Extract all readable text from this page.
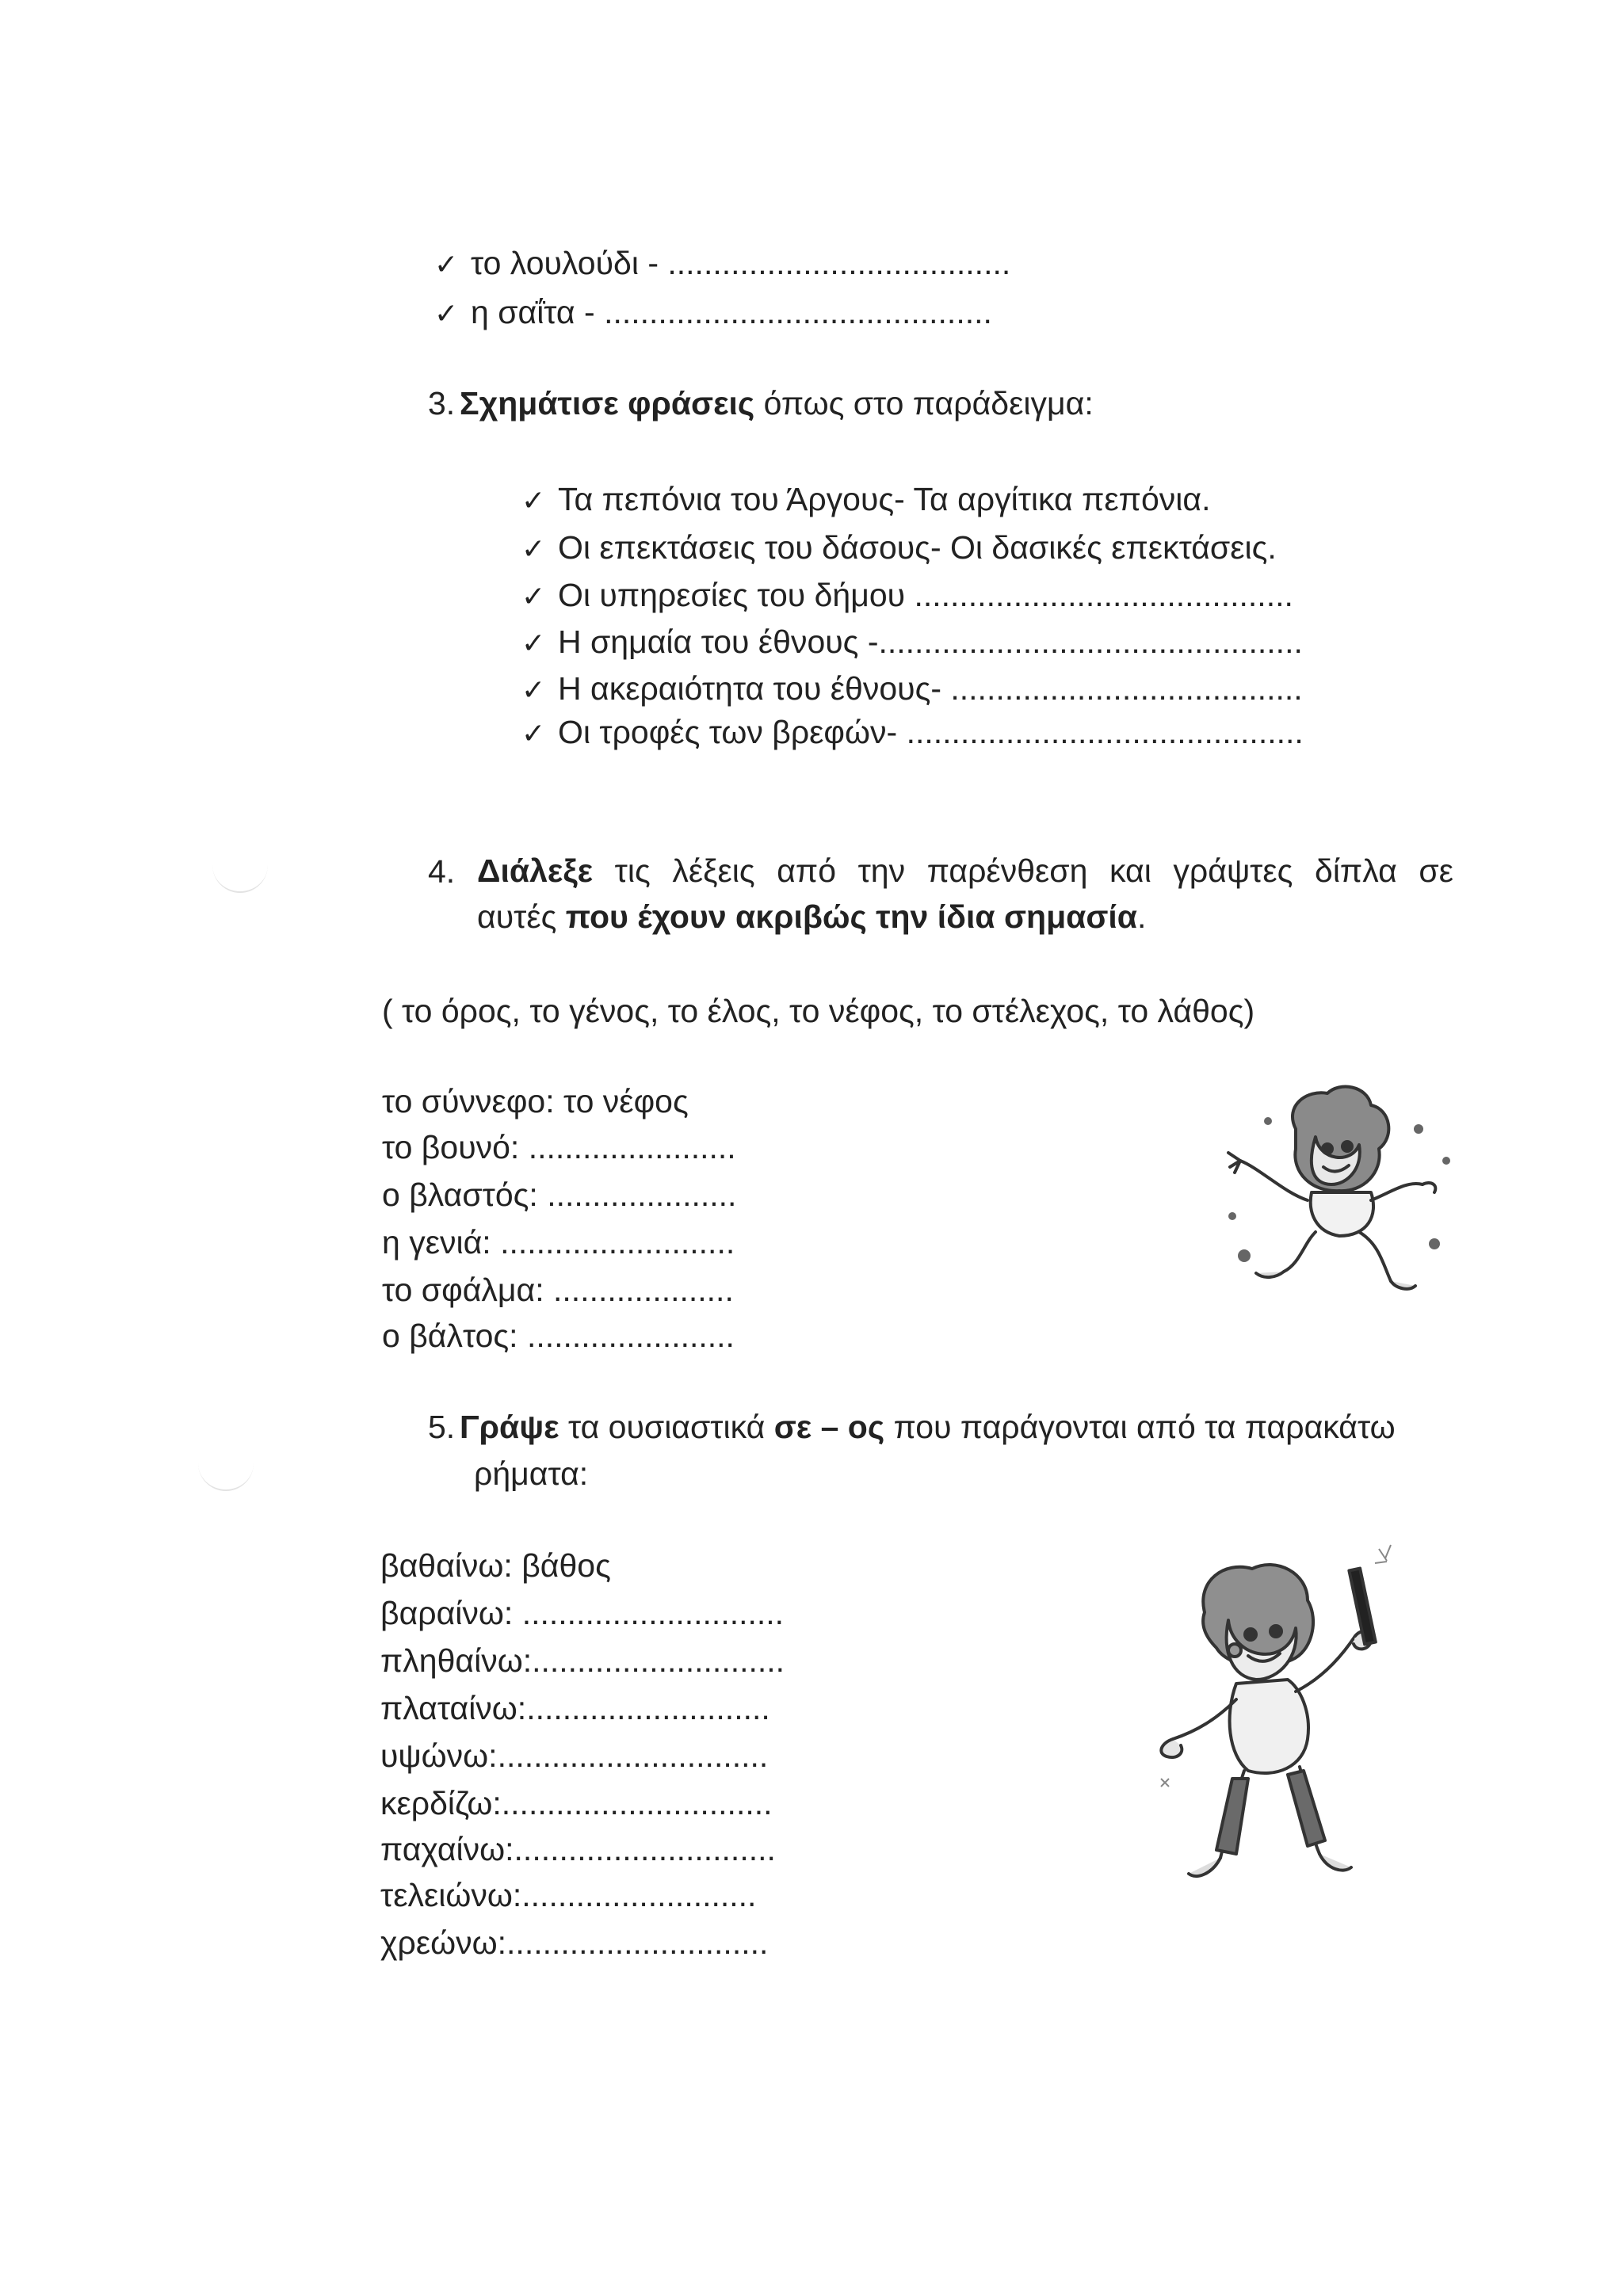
✓ το λουλούδι - ......................................
✓ η σαΐτα - ...........................................
3. Σχημάτισε φράσεις όπως στο παράδειγμα:
✓ Τα πεπόνια του Άργους- Τα αργίτικα πεπόνια.
✓ Οι επεκτάσεις του δάσους- Οι δασικές επεκτάσεις.
✓ Οι υπηρεσίες του δήμου ..........................................
✓ Η σημαία του έθνους -...............................................
✓ Η ακεραιότητα του έθνους- .......................................
✓ Οι τροφές των βρεφών- ............................................
4. Διάλεξε τις λέξεις από την παρένθεση και γράψτες δίπλα σε
αυτές που έχουν ακριβώς την ίδια σημασία.
( το όρος, το γένος, το έλος, το νέφος, το στέλεχος, το λάθος)
το σύννεφο: το νέφος
το βουνό: .......................
ο βλαστός: .....................
η γενιά: ..........................
το σφάλμα: ....................
ο βάλτος: .......................
5. Γράψε τα ουσιαστικά σε – ος που παράγονται από τα παρακάτω
ρήματα:
βαθαίνω: βάθος
βαραίνω: .............................
πληθαίνω:............................
πλαταίνω:...........................
υψώνω:..............................
κερδίζω:..............................
παχαίνω:.............................
τελειώνω:..........................
χρεώνω:.............................
